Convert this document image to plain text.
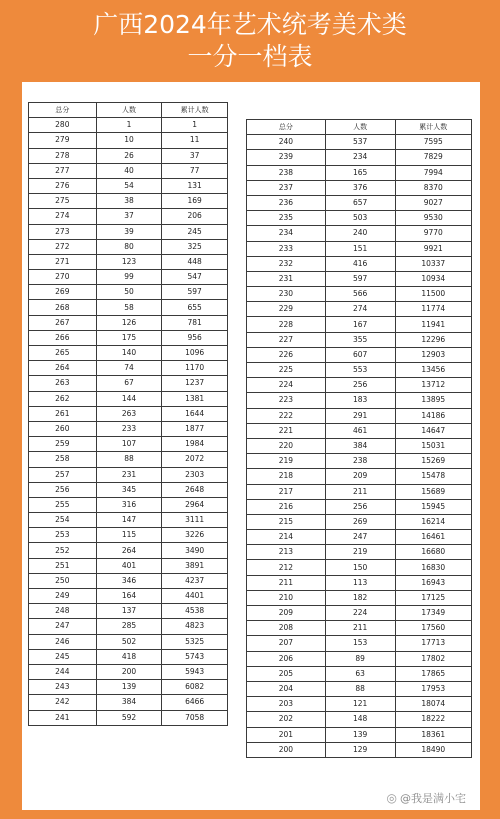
广西2024年艺术统考美术类
一分一档表
总分	人数	累计人数
280	1	1
279	10	11
278	26	37
277	40	77
276	54	131
275	38	169
274	37	206
273	39	245
272	80	325
271	123	448
270	99	547
269	50	597
268	58	655
267	126	781
266	175	956
265	140	1096
264	74	1170
263	67	1237
262	144	1381
261	263	1644
260	233	1877
259	107	1984
258	88	2072
257	231	2303
256	345	2648
255	316	2964
254	147	3111
253	115	3226
252	264	3490
251	401	3891
250	346	4237
249	164	4401
248	137	4538
247	285	4823
246	502	5325
245	418	5743
244	200	5943
243	139	6082
242	384	6466
241	592	7058
总分	人数	累计人数
240	537	7595
239	234	7829
238	165	7994
237	376	8370
236	657	9027
235	503	9530
234	240	9770
233	151	9921
232	416	10337
231	597	10934
230	566	11500
229	274	11774
228	167	11941
227	355	12296
226	607	12903
225	553	13456
224	256	13712
223	183	13895
222	291	14186
221	461	14647
220	384	15031
219	238	15269
218	209	15478
217	211	15689
216	256	15945
215	269	16214
214	247	16461
213	219	16680
212	150	16830
211	113	16943
210	182	17125
209	224	17349
208	211	17560
207	153	17713
206	89	17802
205	63	17865
204	88	17953
203	121	18074
202	148	18222
201	139	18361
200	129	18490
◎ @我是满小宅
